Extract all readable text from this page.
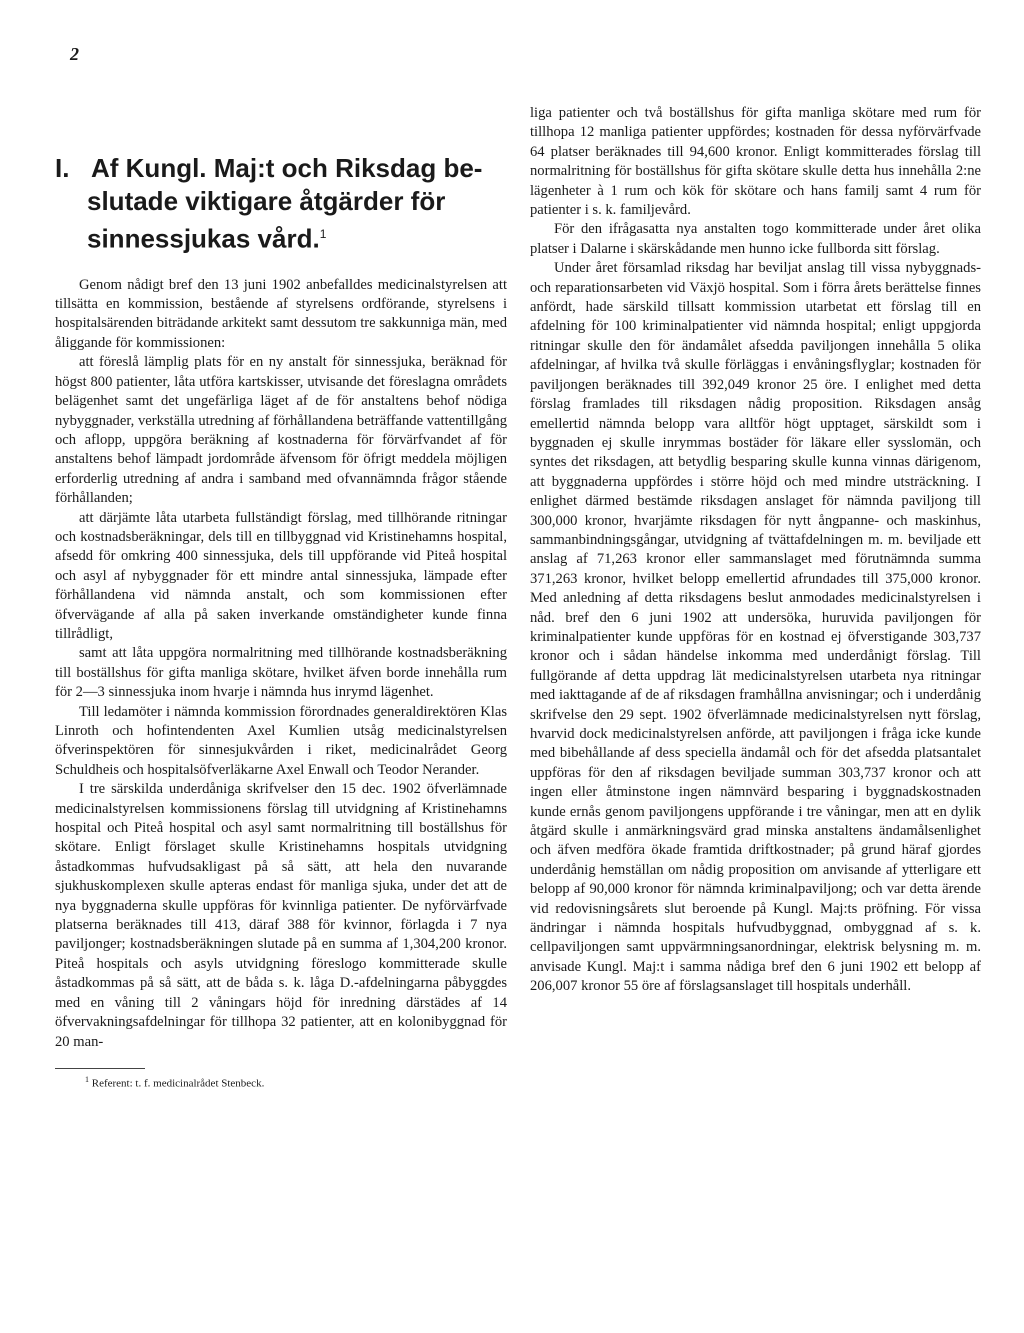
2
I. Af Kungl. Maj:t och Riksdag be-
slutade viktigare åtgärder för
sinnessjukas vård.$^1$

Genom nådigt bref den 13 juni 1902 anbefalldes medicinalstyrelsen att tillsätta en kommission, bestående af styrelsens ordförande, styrelsens i hospitalsärenden biträdande arkitekt samt dessutom tre sakkunniga män, med åliggande för kommissionen:

att föreslå lämplig plats för en ny anstalt för sinnessjuka, beräknad för högst 800 patienter, låta utföra kartskisser, utvisande det föreslagna områdets belägenhet samt det ungefärliga läget af de för anstaltens behof nödiga nybyggnader, verkställa utredning af förhållandena beträffande vattentillgång och aflopp, uppgöra beräkning af kostnaderna för förvärfvandet af för anstaltens behof lämpadt jordområde äfvensom för öfrigt meddela möjligen erforderlig utredning af andra i samband med ofvannämnda frågor stående förhållanden;

att därjämte låta utarbeta fullständigt förslag, med tillhörande ritningar och kostnadsberäkningar, dels till en tillbyggnad vid Kristinehamns hospital, afsedd för omkring 400 sinnessjuka, dels till uppförande vid Piteå hospital och asyl af nybyggnader för ett mindre antal sinnessjuka, lämpade efter förhållandena vid nämnda anstalt, och som kommissionen efter öfvervägande af alla på saken inverkande omständigheter kunde finna tillrådligt,

samt att låta uppgöra normalritning med tillhörande kostnadsberäkning till boställshus för gifta manliga skötare, hvilket äfven borde innehålla rum för 2—3 sinnessjuka inom hvarje i nämnda hus inrymd lägenhet.

Till ledamöter i nämnda kommission förordnades generaldirektören Klas Linroth och hofintendenten Axel Kumlien utsåg medicinalstyrelsen öfverinspektören för sinnesjukvården i riket, medicinalrådet Georg Schuldheis och hospitalsöfverläkarne Axel Enwall och Teodor Nerander.

I tre särskilda underdåniga skrifvelser den 15 dec. 1902 öfverlämnade medicinalstyrelsen kommissionens förslag till utvidgning af Kristinehamns hospital och Piteå hospital och asyl samt normalritning till boställshus för skötare. Enligt förslaget skulle Kristinehamns hospitals utvidgning åstadkommas hufvudsakligast på så sätt, att hela den nuvarande sjukhuskomplexen skulle apteras endast för manliga sjuka, under det att de nya byggnaderna skulle uppföras för kvinnliga patienter. De nyförvärfvade platserna beräknades till 413, däraf 388 för kvinnor, förlagda i 7 nya paviljonger; kostnadsberäkningen slutade på en summa af 1,304,200 kronor. Piteå hospitals och asyls utvidgning föreslogo kommitterade skulle åstadkommas på så sätt, att de båda s. k. låga D.-afdelningarna påbyggdes med en våning till 2 våningars höjd för inredning därstädes af 14 öfvervakningsafdelningar för tillhopa 32 patienter, att en kolonibyggnad för 20 man-

$^1$ Referent: t. f. medicinalrådet Stenbeck.

liga patienter och två boställshus för gifta manliga skötare med rum för tillhopa 12 manliga patienter uppfördes; kostnaden för dessa nyförvärfvade 64 platser beräknades till 94,600 kronor. Enligt kommitterades förslag till normalritning för boställshus för gifta skötare skulle detta hus innehålla 2:ne lägenheter à 1 rum och kök för skötare och hans familj samt 4 rum för patienter i s. k. familjevård.

För den ifrågasatta nya anstalten togo kommitterade under året olika platser i Dalarne i skärskådande men hunno icke fullborda sitt förslag.

Under året församlad riksdag har beviljat anslag till vissa nybyggnads- och reparationsarbeten vid Växjö hospital. Som i förra årets berättelse finnes anfördt, hade särskild tillsatt kommission utarbetat ett förslag till en afdelning för 100 kriminalpatienter vid nämnda hospital; enligt uppgjorda ritningar skulle den för ändamålet afsedda paviljongen innehålla 5 olika afdelningar, af hvilka två skulle förläggas i envåningsflyglar; kostnaden för paviljongen beräknades till 392,049 kronor 25 öre. I enlighet med detta förslag framlades till riksdagen nådig proposition. Riksdagen ansåg emellertid nämnda belopp vara alltför högt upptaget, särskildt som i byggnaden ej skulle inrymmas bostäder för läkare eller sysslomän, och syntes det riksdagen, att betydlig besparing skulle kunna vinnas därigenom, att byggnaderna uppfördes i större höjd och med mindre utsträckning. I enlighet därmed bestämde riksdagen anslaget för nämnda paviljong till 300,000 kronor, hvarjämte riksdagen för nytt ångpanne- och maskinhus, sammanbindningsgångar, utvidgning af tvättafdelningen m. m. beviljade ett anslag af 71,263 kronor eller sammanslaget med förutnämnda summa 371,263 kronor, hvilket belopp emellertid afrundades till 375,000 kronor. Med anledning af detta riksdagens beslut anmodades medicinalstyrelsen i nåd. bref den 6 juni 1902 att undersöka, huruvida paviljongen för kriminalpatienter kunde uppföras för en kostnad ej öfverstigande 303,737 kronor och i sådan händelse inkomma med underdånigt förslag. Till fullgörande af detta uppdrag lät medicinalstyrelsen utarbeta nya ritningar med iakttagande af de af riksdagen framhållna anvisningar; och i underdånig skrifvelse den 29 sept. 1902 öfverlämnade medicinalstyrelsen nytt förslag, hvarvid dock medicinalstyrelsen anförde, att paviljongen i fråga icke kunde med bibehållande af dess speciella ändamål och för det afsedda platsantalet uppföras för den af riksdagen beviljade summan 303,737 kronor och att ingen eller åtminstone ingen nämnvärd besparing i byggnadskostnaden kunde ernås genom paviljongens uppförande i tre våningar, men att en dylik åtgärd skulle i anmärkningsvärd grad minska anstaltens ändamålsenlighet och äfven medföra ökade framtida driftkostnader; på grund häraf gjordes underdånig hemställan om nådig proposition om anvisande af ytterligare ett belopp af 90,000 kronor för nämnda kriminalpaviljong; och var detta ärende vid redovisningsårets slut beroende på Kungl. Maj:ts pröfning. För vissa ändringar i nämnda hospitals hufvudbyggnad, ombyggnad af s. k. cellpaviljongen samt uppvärmningsanordningar, elektrisk belysning m. m. anvisade Kungl. Maj:t i samma nådiga bref den 6 juni 1902 ett belopp af 206,007 kronor 55 öre af förslagsanslaget till hospitals underhåll.
